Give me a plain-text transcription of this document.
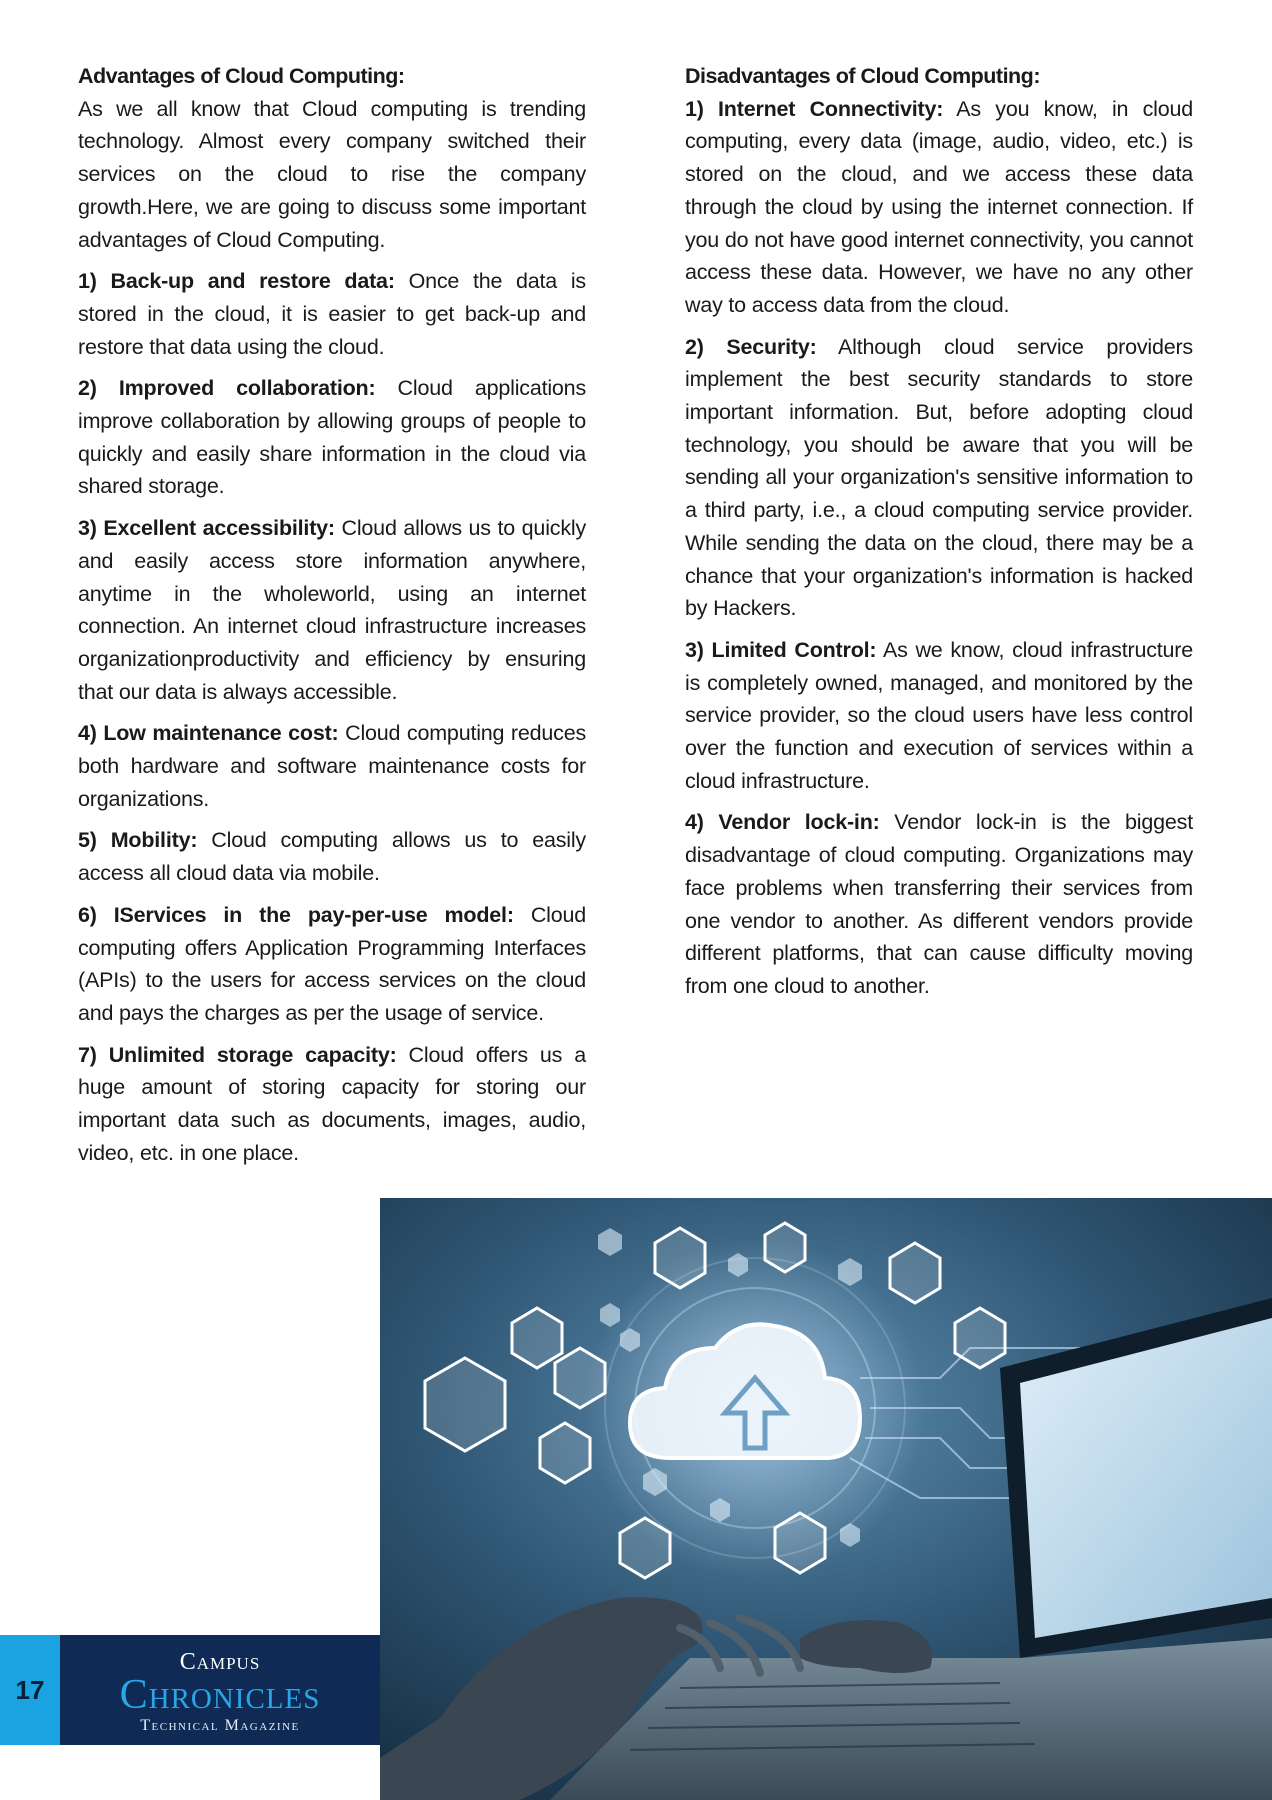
Advantages of Cloud Computing:

As we all know that Cloud computing is trending technology. Almost every company switched their services on the cloud to rise the company growth.Here, we are going to discuss some important advantages of Cloud Computing.

1) Back-up and restore data: Once the data is stored in the cloud, it is easier to get back-up and restore that data using the cloud.

2) Improved collaboration: Cloud applications improve collaboration by allowing groups of people to quickly and easily share information in the cloud via shared storage.

3) Excellent accessibility: Cloud allows us to quickly and easily access store information anywhere, anytime in the wholeworld, using an internet connection. An internet cloud infrastructure increases organizationproductivity and efficiency by ensuring that our data is always accessible.

4) Low maintenance cost: Cloud computing reduces both hardware and software maintenance costs for organizations.

5) Mobility: Cloud computing allows us to easily access all cloud data via mobile.

6) IServices in the pay-per-use model: Cloud computing offers Application Programming Interfaces (APIs) to the users for access services on the cloud and pays the charges as per the usage of service.

7) Unlimited storage capacity: Cloud offers us a huge amount of storing capacity for storing our important data such as documents, images, audio, video, etc. in one place.

Disadvantages of Cloud Computing:

1) Internet Connectivity: As you know, in cloud computing, every data (image, audio, video, etc.) is stored on the cloud, and we access these data through the cloud by using the internet connection. If you do not have good internet connectivity, you cannot access these data. However, we have no any other way to access data from the cloud.

2) Security: Although cloud service providers implement the best security standards to store important information. But, before adopting cloud technology, you should be aware that you will be sending all your organization's sensitive information to a third party, i.e., a cloud computing service provider. While sending the data on the cloud, there may be a chance that your organization's information is hacked by Hackers.

3) Limited Control: As we know, cloud infrastructure is completely owned, managed, and monitored by the service provider, so the cloud users have less control over the function and execution of services within a cloud infrastructure.

4) Vendor lock-in: Vendor lock-in is the biggest disadvantage of cloud computing. Organizations may face problems when transferring their services from one vendor to another. As different vendors provide different platforms, that can cause difficulty moving from one cloud to another.

17
Campus
Chronicles
Technical Magazine
